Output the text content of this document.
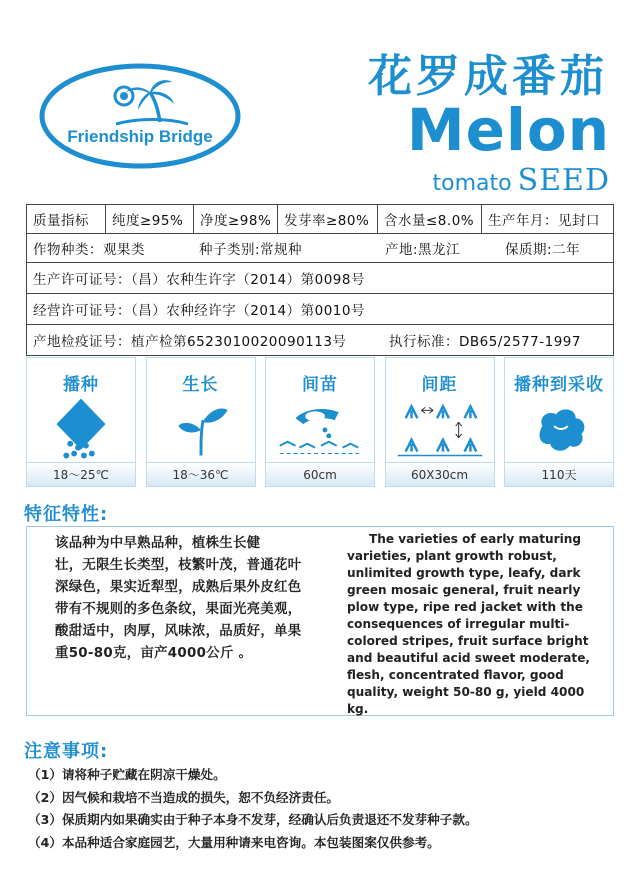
Friendship Bridge
花罗成番茄
Melon
tomato SEED
质量指标	纯度≥95%	净度≥98% 发芽率≥80%	含水量≤8.0%	生产年月：见封口
作物种类：观果类	种子类别:常规种	产地:黑龙江	保质期:二年
生产许可证号：（昌）农种生许字（2014）第0098号
经营许可证号：（昌）农种经许字（2014）第0010号
产地检疫证号：植产检第6523010020090113号	执行标准：DB65/2577-1997
播种
18～25℃
生长
18～36℃
间苗
60cm
间距
60X30cm
播种到采收
110天
特征特性:
该品种为中早熟品种，植株生长健
壮，无限生长类型，枝繁叶茂，普通花叶
深绿色，果实近犁型，成熟后果外皮红色
带有不规则的多色条纹，果面光亮美观，
酸甜适中，肉厚，风味浓，品质好，单果
重50-80克，亩产4000公斤 。
The varieties of early maturing
varieties, plant growth robust,
unlimited growth type, leafy, dark
green mosaic general, fruit nearly
plow type, ripe red jacket with the
consequences of irregular multi-
colored stripes, fruit surface bright
and beautiful acid sweet moderate,
flesh, concentrated flavor, good
quality, weight 50-80 g, yield 4000 kg.
注意事项:
（1）请将种子贮藏在阴凉干燥处。
（2）因气候和栽培不当造成的损失，恕不负经济责任。
（3）保质期内如果确实由于种子本身不发芽，经确认后负责退还不发芽种子款。
（4）本品种适合家庭园艺，大量用种请来电咨询。本包装图案仅供参考。
